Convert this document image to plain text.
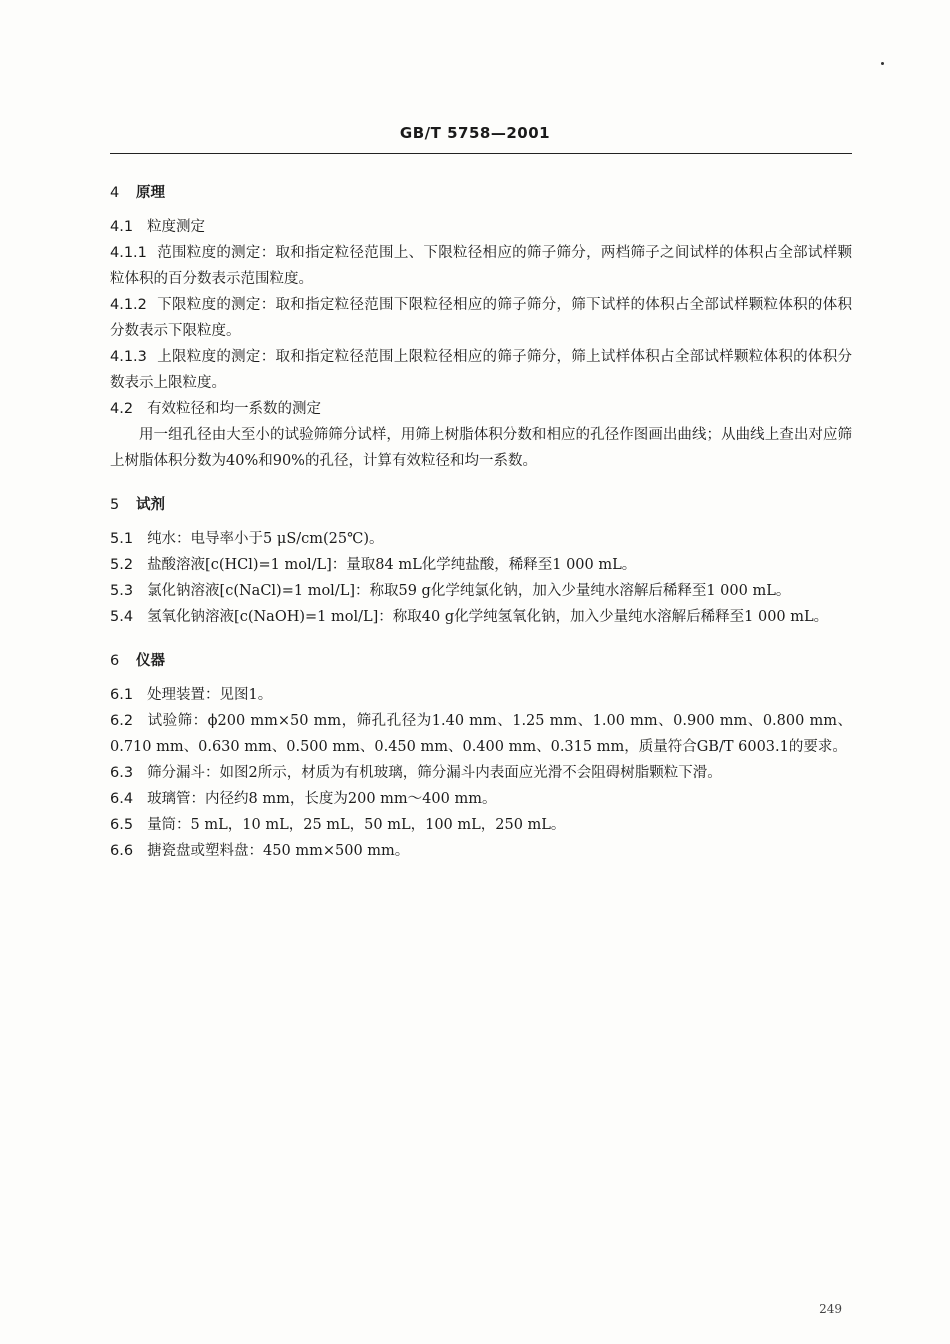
GB/T 5758—2001
4 原理
4.1 粒度测定
4.1.1 范围粒度的测定：取和指定粒径范围上、下限粒径相应的筛子筛分，两档筛子之间试样的体积占全部试样颗粒体积的百分数表示范围粒度。
4.1.2 下限粒度的测定：取和指定粒径范围下限粒径相应的筛子筛分，筛下试样的体积占全部试样颗粒体积的体积分数表示下限粒度。
4.1.3 上限粒度的测定：取和指定粒径范围上限粒径相应的筛子筛分，筛上试样体积占全部试样颗粒体积的体积分数表示上限粒度。
4.2 有效粒径和均一系数的测定
用一组孔径由大至小的试验筛筛分试样，用筛上树脂体积分数和相应的孔径作图画出曲线；从曲线上查出对应筛上树脂体积分数为40%和90%的孔径，计算有效粒径和均一系数。
5 试剂
5.1 纯水：电导率小于5 μS/cm(25℃)。
5.2 盐酸溶液[c(HCl)=1 mol/L]：量取84 mL化学纯盐酸，稀释至1 000 mL。
5.3 氯化钠溶液[c(NaCl)=1 mol/L]：称取59 g化学纯氯化钠，加入少量纯水溶解后稀释至1 000 mL。
5.4 氢氧化钠溶液[c(NaOH)=1 mol/L]：称取40 g化学纯氢氧化钠，加入少量纯水溶解后稀释至1 000 mL。
6 仪器
6.1 处理装置：见图1。
6.2 试验筛：ϕ200 mm×50 mm，筛孔孔径为1.40 mm、1.25 mm、1.00 mm、0.900 mm、0.800 mm、0.710 mm、0.630 mm、0.500 mm、0.450 mm、0.400 mm、0.315 mm，质量符合GB/T 6003.1的要求。
6.3 筛分漏斗：如图2所示，材质为有机玻璃，筛分漏斗内表面应光滑不会阻碍树脂颗粒下滑。
6.4 玻璃管：内径约8 mm，长度为200 mm～400 mm。
6.5 量筒：5 mL，10 mL，25 mL，50 mL，100 mL，250 mL。
6.6 搪瓷盘或塑料盘：450 mm×500 mm。
249
